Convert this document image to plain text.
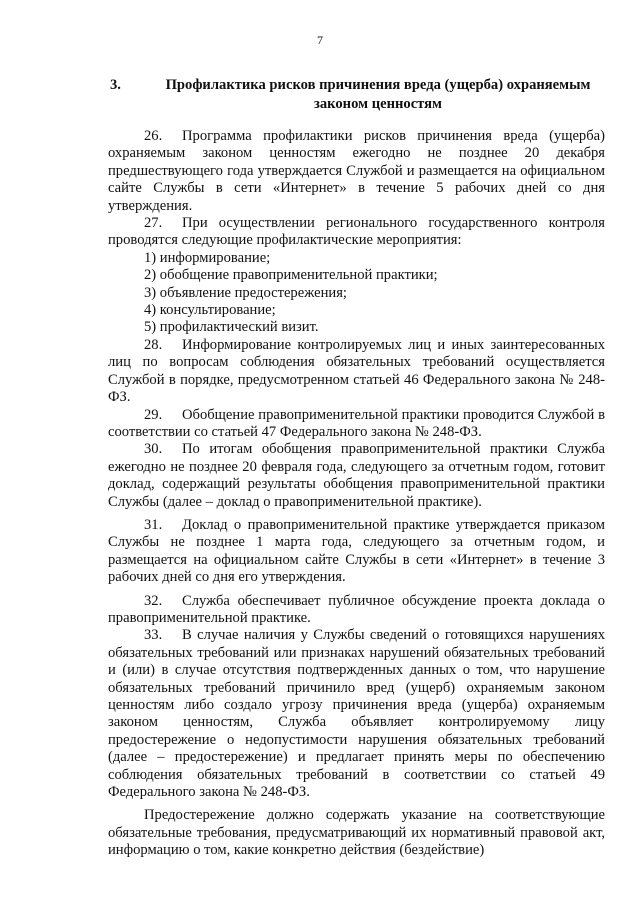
7
3.	Профилактика рисков причинения вреда (ущерба) охраняемым законом ценностям

26. Программа профилактики рисков причинения вреда (ущерба) охраняемым законом ценностям ежегодно не позднее 20 декабря предшествующего года утверждается Службой и размещается на официальном сайте Службы в сети «Интернет» в течение 5 рабочих дней со дня утверждения.

27. При осуществлении регионального государственного контроля проводятся следующие профилактические мероприятия:

1) информирование;

2) обобщение правоприменительной практики;

3) объявление предостережения;

4) консультирование;

5) профилактический визит.

28. Информирование контролируемых лиц и иных заинтересованных лиц по вопросам соблюдения обязательных требований осуществляется Службой в порядке, предусмотренном статьей 46 Федерального закона № 248-ФЗ.

29. Обобщение правоприменительной практики проводится Службой в соответствии со статьей 47 Федерального закона № 248-ФЗ.

30. По итогам обобщения правоприменительной практики Служба ежегодно не позднее 20 февраля года, следующего за отчетным годом, готовит доклад, содержащий результаты обобщения правоприменительной практики Службы (далее – доклад о правоприменительной практике).

31. Доклад о правоприменительной практике утверждается приказом Службы не позднее 1 марта года, следующего за отчетным годом, и размещается на официальном сайте Службы в сети «Интернет» в течение 3 рабочих дней со дня его утверждения.

32. Служба обеспечивает публичное обсуждение проекта доклада о правоприменительной практике.

33. В случае наличия у Службы сведений о готовящихся нарушениях обязательных требований или признаках нарушений обязательных требований и (или) в случае отсутствия подтвержденных данных о том, что нарушение обязательных требований причинило вред (ущерб) охраняемым законом ценностям либо создало угрозу причинения вреда (ущерба) охраняемым законом ценностям, Служба объявляет контролируемому лицу предостережение о недопустимости нарушения обязательных требований (далее – предостережение) и предлагает принять меры по обеспечению соблюдения обязательных требований в соответствии со статьей 49 Федерального закона № 248-ФЗ.

Предостережение должно содержать указание на соответствующие обязательные требования, предусматривающий их нормативный правовой акт, информацию о том, какие конкретно действия (бездействие)
